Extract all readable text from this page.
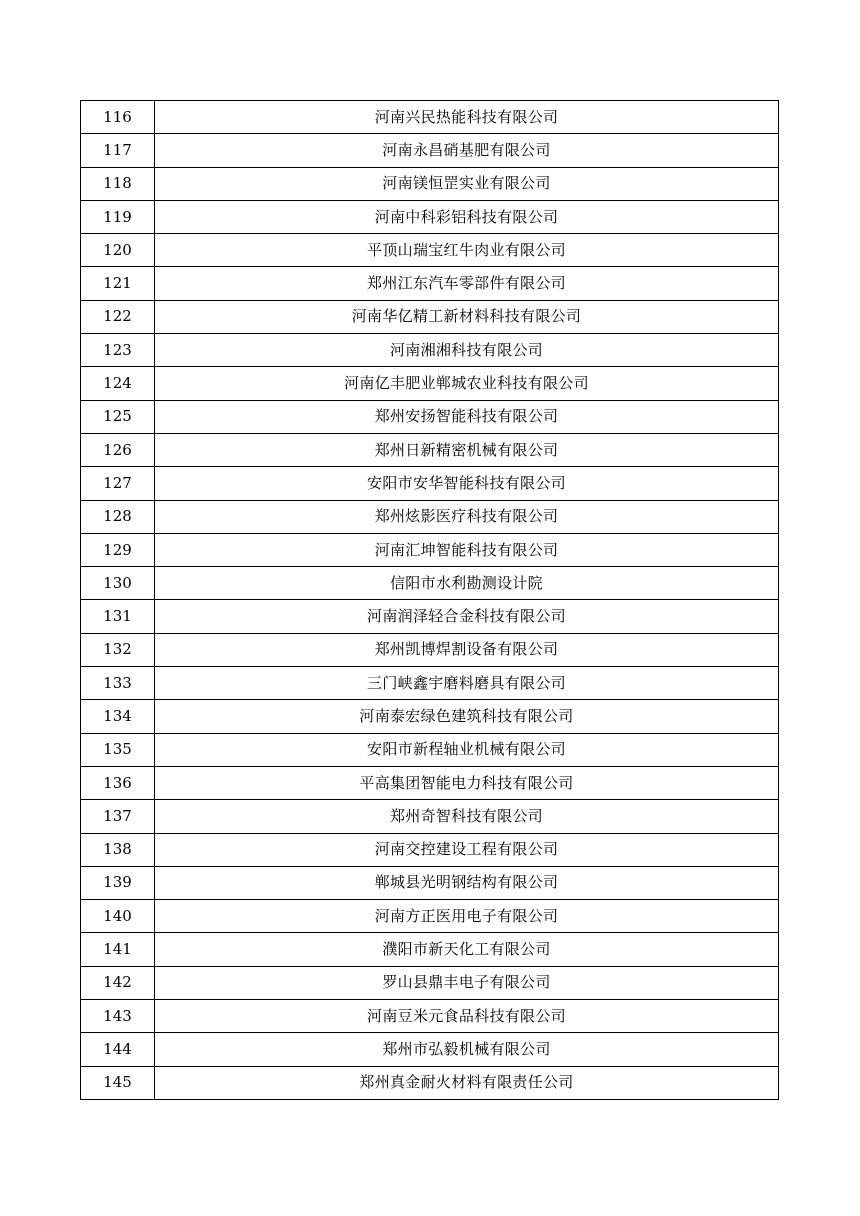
116	河南兴民热能科技有限公司
117	河南永昌硝基肥有限公司
118	河南镁恒罡实业有限公司
119	河南中科彩铝科技有限公司
120	平顶山瑞宝红牛肉业有限公司
121	郑州江东汽车零部件有限公司
122	河南华亿精工新材料科技有限公司
123	河南湘湘科技有限公司
124	河南亿丰肥业郸城农业科技有限公司
125	郑州安扬智能科技有限公司
126	郑州日新精密机械有限公司
127	安阳市安华智能科技有限公司
128	郑州炫影医疗科技有限公司
129	河南汇坤智能科技有限公司
130	信阳市水利勘测设计院
131	河南润泽轻合金科技有限公司
132	郑州凯博焊割设备有限公司
133	三门峡鑫宇磨料磨具有限公司
134	河南泰宏绿色建筑科技有限公司
135	安阳市新程轴业机械有限公司
136	平高集团智能电力科技有限公司
137	郑州奇智科技有限公司
138	河南交控建设工程有限公司
139	郸城县光明钢结构有限公司
140	河南方正医用电子有限公司
141	濮阳市新天化工有限公司
142	罗山县鼎丰电子有限公司
143	河南豆米元食品科技有限公司
144	郑州市弘毅机械有限公司
145	郑州真金耐火材料有限责任公司
